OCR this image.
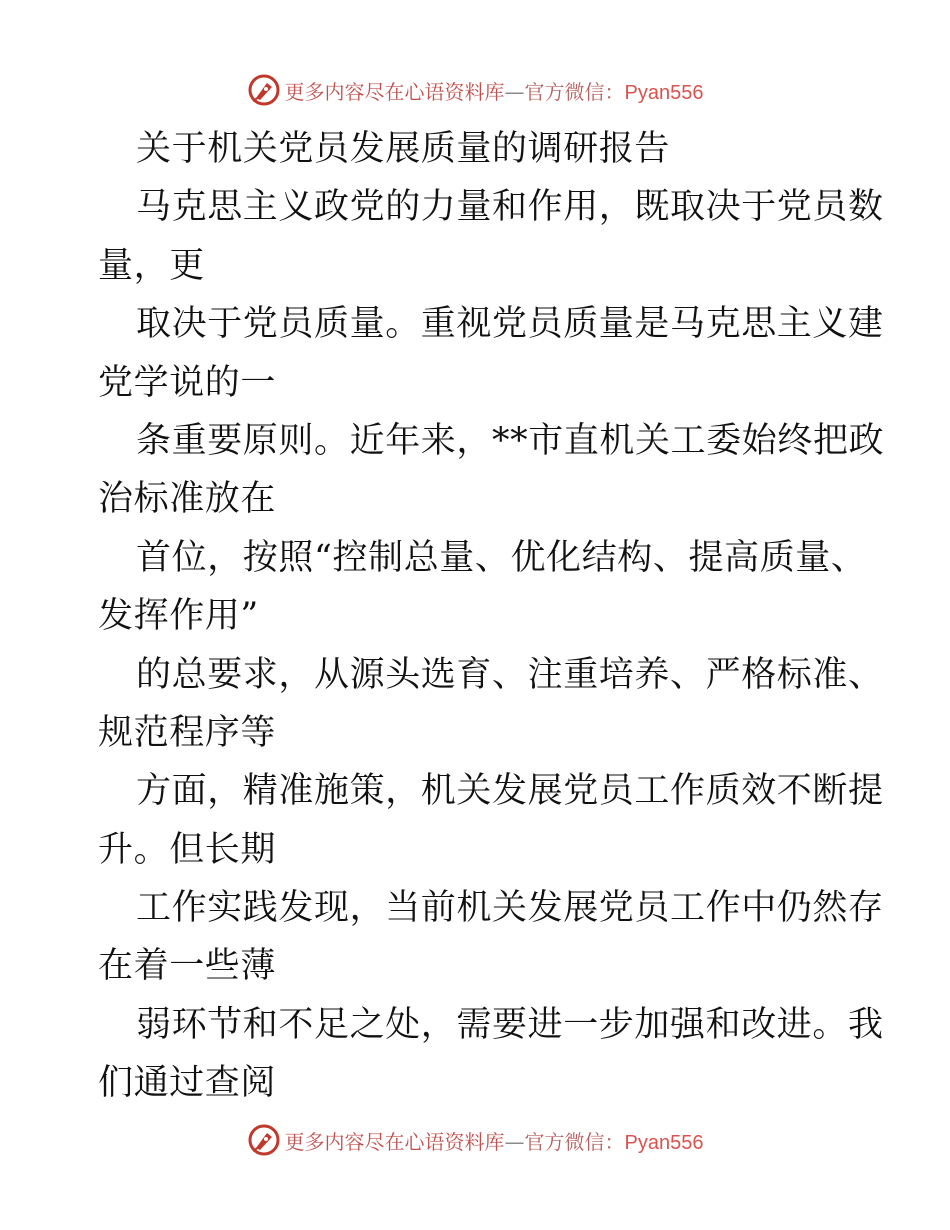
更多内容尽在心语资料库—官方微信：Pyan556
关于机关党员发展质量的调研报告
马克思主义政党的力量和作用，既取决于党员数
量，更
取决于党员质量。重视党员质量是马克思主义建
党学说的一
条重要原则。近年来，**市直机关工委始终把政
治标准放在
首位，按照“控制总量、优化结构、提高质量、
发挥作用”
的总要求，从源头选育、注重培养、严格标准、
规范程序等
方面，精准施策，机关发展党员工作质效不断提
升。但长期
工作实践发现，当前机关发展党员工作中仍然存
在着一些薄
弱环节和不足之处，需要进一步加强和改进。我
们通过查阅
更多内容尽在心语资料库—官方微信：Pyan556
